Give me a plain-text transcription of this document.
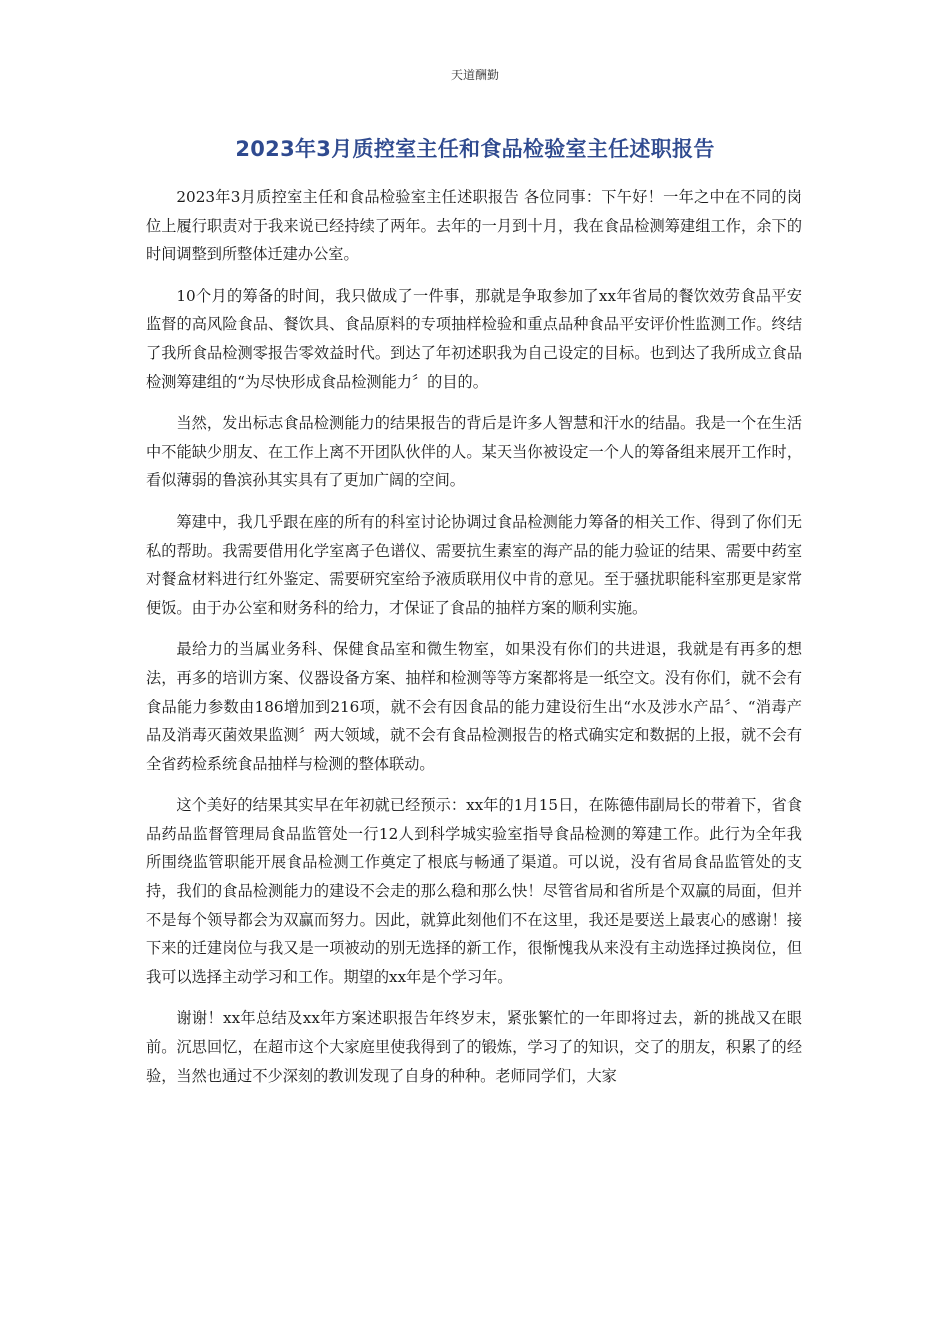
天道酬勤
2023年3月质控室主任和食品检验室主任述职报告

2023年3月质控室主任和食品检验室主任述职报告 各位同事：下午好！一年之中在不同的岗位上履行职责对于我来说已经持续了两年。去年的一月到十月，我在食品检测筹建组工作，余下的时间调整到所整体迁建办公室。

10个月的筹备的时间，我只做成了一件事，那就是争取参加了xx年省局的餐饮效劳食品平安监督的高风险食品、餐饮具、食品原料的专项抽样检验和重点品种食品平安评价性监测工作。终结了我所食品检测零报告零效益时代。到达了年初述职我为自己设定的目标。也到达了我所成立食品检测筹建组的“为尽快形成食品检测能力〞的目的。

当然，发出标志食品检测能力的结果报告的背后是许多人智慧和汗水的结晶。我是一个在生活中不能缺少朋友、在工作上离不开团队伙伴的人。某天当你被设定一个人的筹备组来展开工作时，看似薄弱的鲁滨孙其实具有了更加广阔的空间。

筹建中，我几乎跟在座的所有的科室讨论协调过食品检测能力筹备的相关工作、得到了你们无私的帮助。我需要借用化学室离子色谱仪、需要抗生素室的海产品的能力验证的结果、需要中药室对餐盒材料进行红外鉴定、需要研究室给予液质联用仪中肯的意见。至于骚扰职能科室那更是家常便饭。由于办公室和财务科的给力，才保证了食品的抽样方案的顺利实施。

最给力的当属业务科、保健食品室和微生物室，如果没有你们的共进退，我就是有再多的想法，再多的培训方案、仪器设备方案、抽样和检测等等方案都将是一纸空文。没有你们，就不会有食品能力参数由186增加到216项，就不会有因食品的能力建设衍生出“水及涉水产品〞、“消毒产品及消毒灭菌效果监测〞两大领域，就不会有食品检测报告的格式确实定和数据的上报，就不会有全省药检系统食品抽样与检测的整体联动。

这个美好的结果其实早在年初就已经预示：xx年的1月15日，在陈德伟副局长的带着下，省食品药品监督管理局食品监管处一行12人到科学城实验室指导食品检测的筹建工作。此行为全年我所围绕监管职能开展食品检测工作奠定了根底与畅通了渠道。可以说，没有省局食品监管处的支持，我们的食品检测能力的建设不会走的那么稳和那么快！尽管省局和省所是个双赢的局面，但并不是每个领导都会为双赢而努力。因此，就算此刻他们不在这里，我还是要送上最衷心的感谢！接下来的迁建岗位与我又是一项被动的别无选择的新工作，很惭愧我从来没有主动选择过换岗位，但我可以选择主动学习和工作。期望的xx年是个学习年。

谢谢！xx年总结及xx年方案述职报告年终岁末，紧张繁忙的一年即将过去，新的挑战又在眼前。沉思回忆，在超市这个大家庭里使我得到了的锻炼，学习了的知识，交了的朋友，积累了的经验，当然也通过不少深刻的教训发现了自身的种种。老师同学们，大家
